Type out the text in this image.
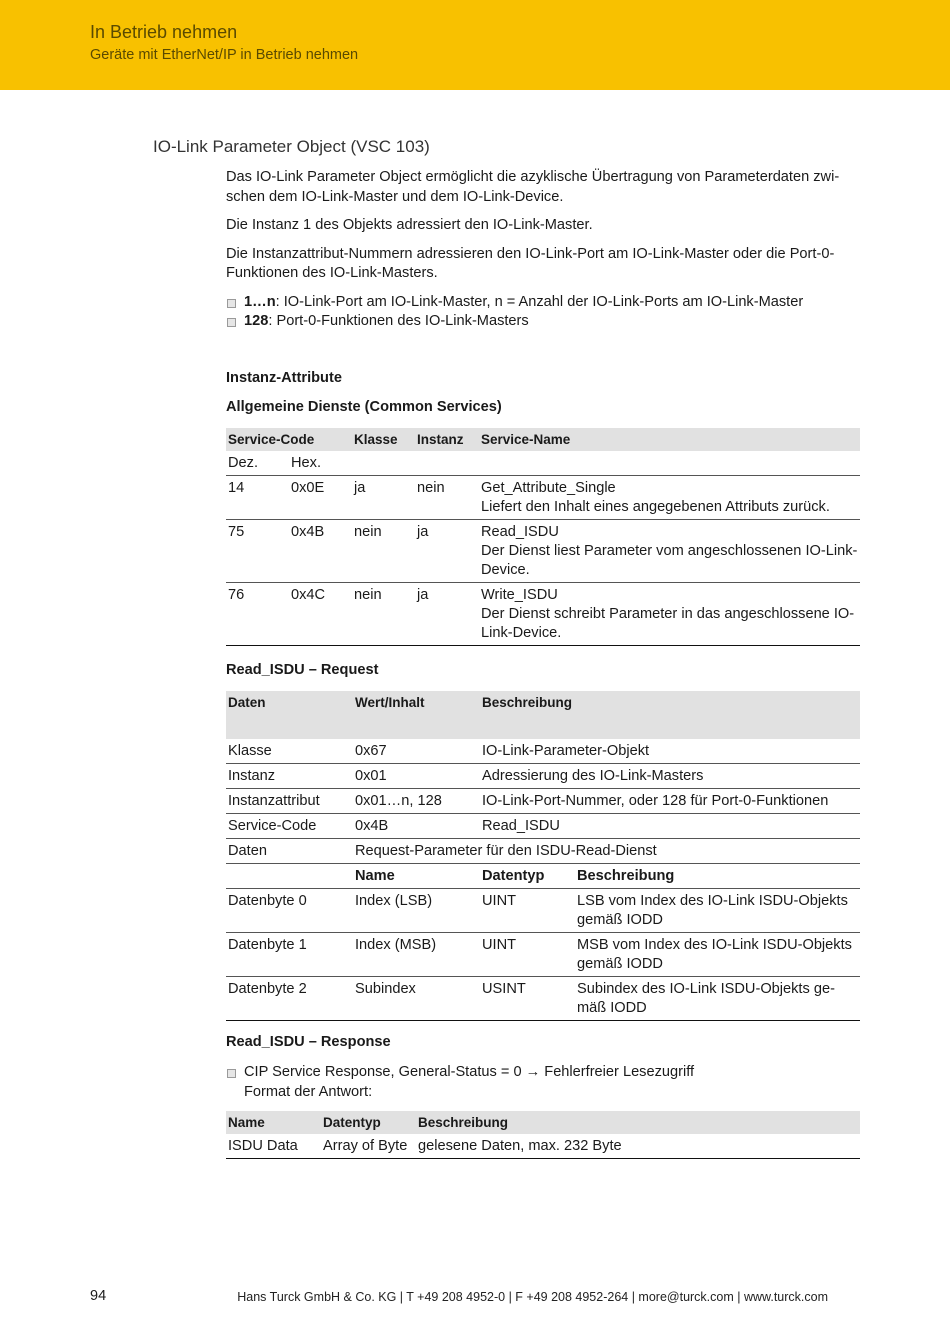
In Betrieb nehmen
Geräte mit EtherNet/IP in Betrieb nehmen
IO-Link Parameter Object (VSC 103)

Das IO-Link Parameter Object ermöglicht die azyklische Übertragung von Parameterdaten zwi-schen dem IO-Link-Master und dem IO-Link-Device.

Die Instanz 1 des Objekts adressiert den IO-Link-Master.

Die Instanzattribut-Nummern adressieren den IO-Link-Port am IO-Link-Master oder die Port-0-Funktionen des IO-Link-Masters.

1…n: IO-Link-Port am IO-Link-Master, n = Anzahl der IO-Link-Ports am IO-Link-Master
128: Port-0-Funktionen des IO-Link-Masters
Instanz-Attribute
Allgemeine Dienste (Common Services)
Service-Code		Klasse	Instanz	Service-Name
Dez.	Hex.			
14	0x0E	ja	nein	Get_Attribute_Single
Liefert den Inhalt eines angegebenen Attributs zurück.

75	0x4B	nein	ja	Read_ISDU
Der Dienst liest Parameter vom angeschlossenen IO-Link-Device.

76	0x4C	nein	ja	Write_ISDU
Der Dienst schreibt Parameter in das angeschlossene IO-Link-Device.
Read_ISDU – Request
Daten	Wert/Inhalt	Beschreibung	
Klasse	0x67	IO-Link-Parameter-Objekt	
Instanz	0x01	Adressierung des IO-Link-Masters	
Instanzattribut	0x01…n, 128	IO-Link-Port-Nummer, oder 128 für Port-0-Funktionen	
Service-Code	0x4B	Read_ISDU	
Daten	Request-Parameter für den ISDU-Read-Dienst		
	Name	Datentyp	Beschreibung
Datenbyte 0	Index (LSB)	UINT	LSB vom Index des IO-Link ISDU-Objekts gemäß IODD
Datenbyte 1	Index (MSB)	UINT	MSB vom Index des IO-Link ISDU-Objekts gemäß IODD
Datenbyte 2	Subindex	USINT	Subindex des IO-Link ISDU-Objekts ge-mäß IODD
Read_ISDU – Response
CIP Service Response, General-Status = 0 → Fehlerfreier Lesezugriff
Format der Antwort:
Name	Datentyp	Beschreibung
ISDU Data	Array of Byte	gelesene Daten, max. 232 Byte
94	Hans Turck GmbH & Co. KG | T +49 208 4952-0 | F +49 208 4952-264 | more@turck.com | www.turck.com
